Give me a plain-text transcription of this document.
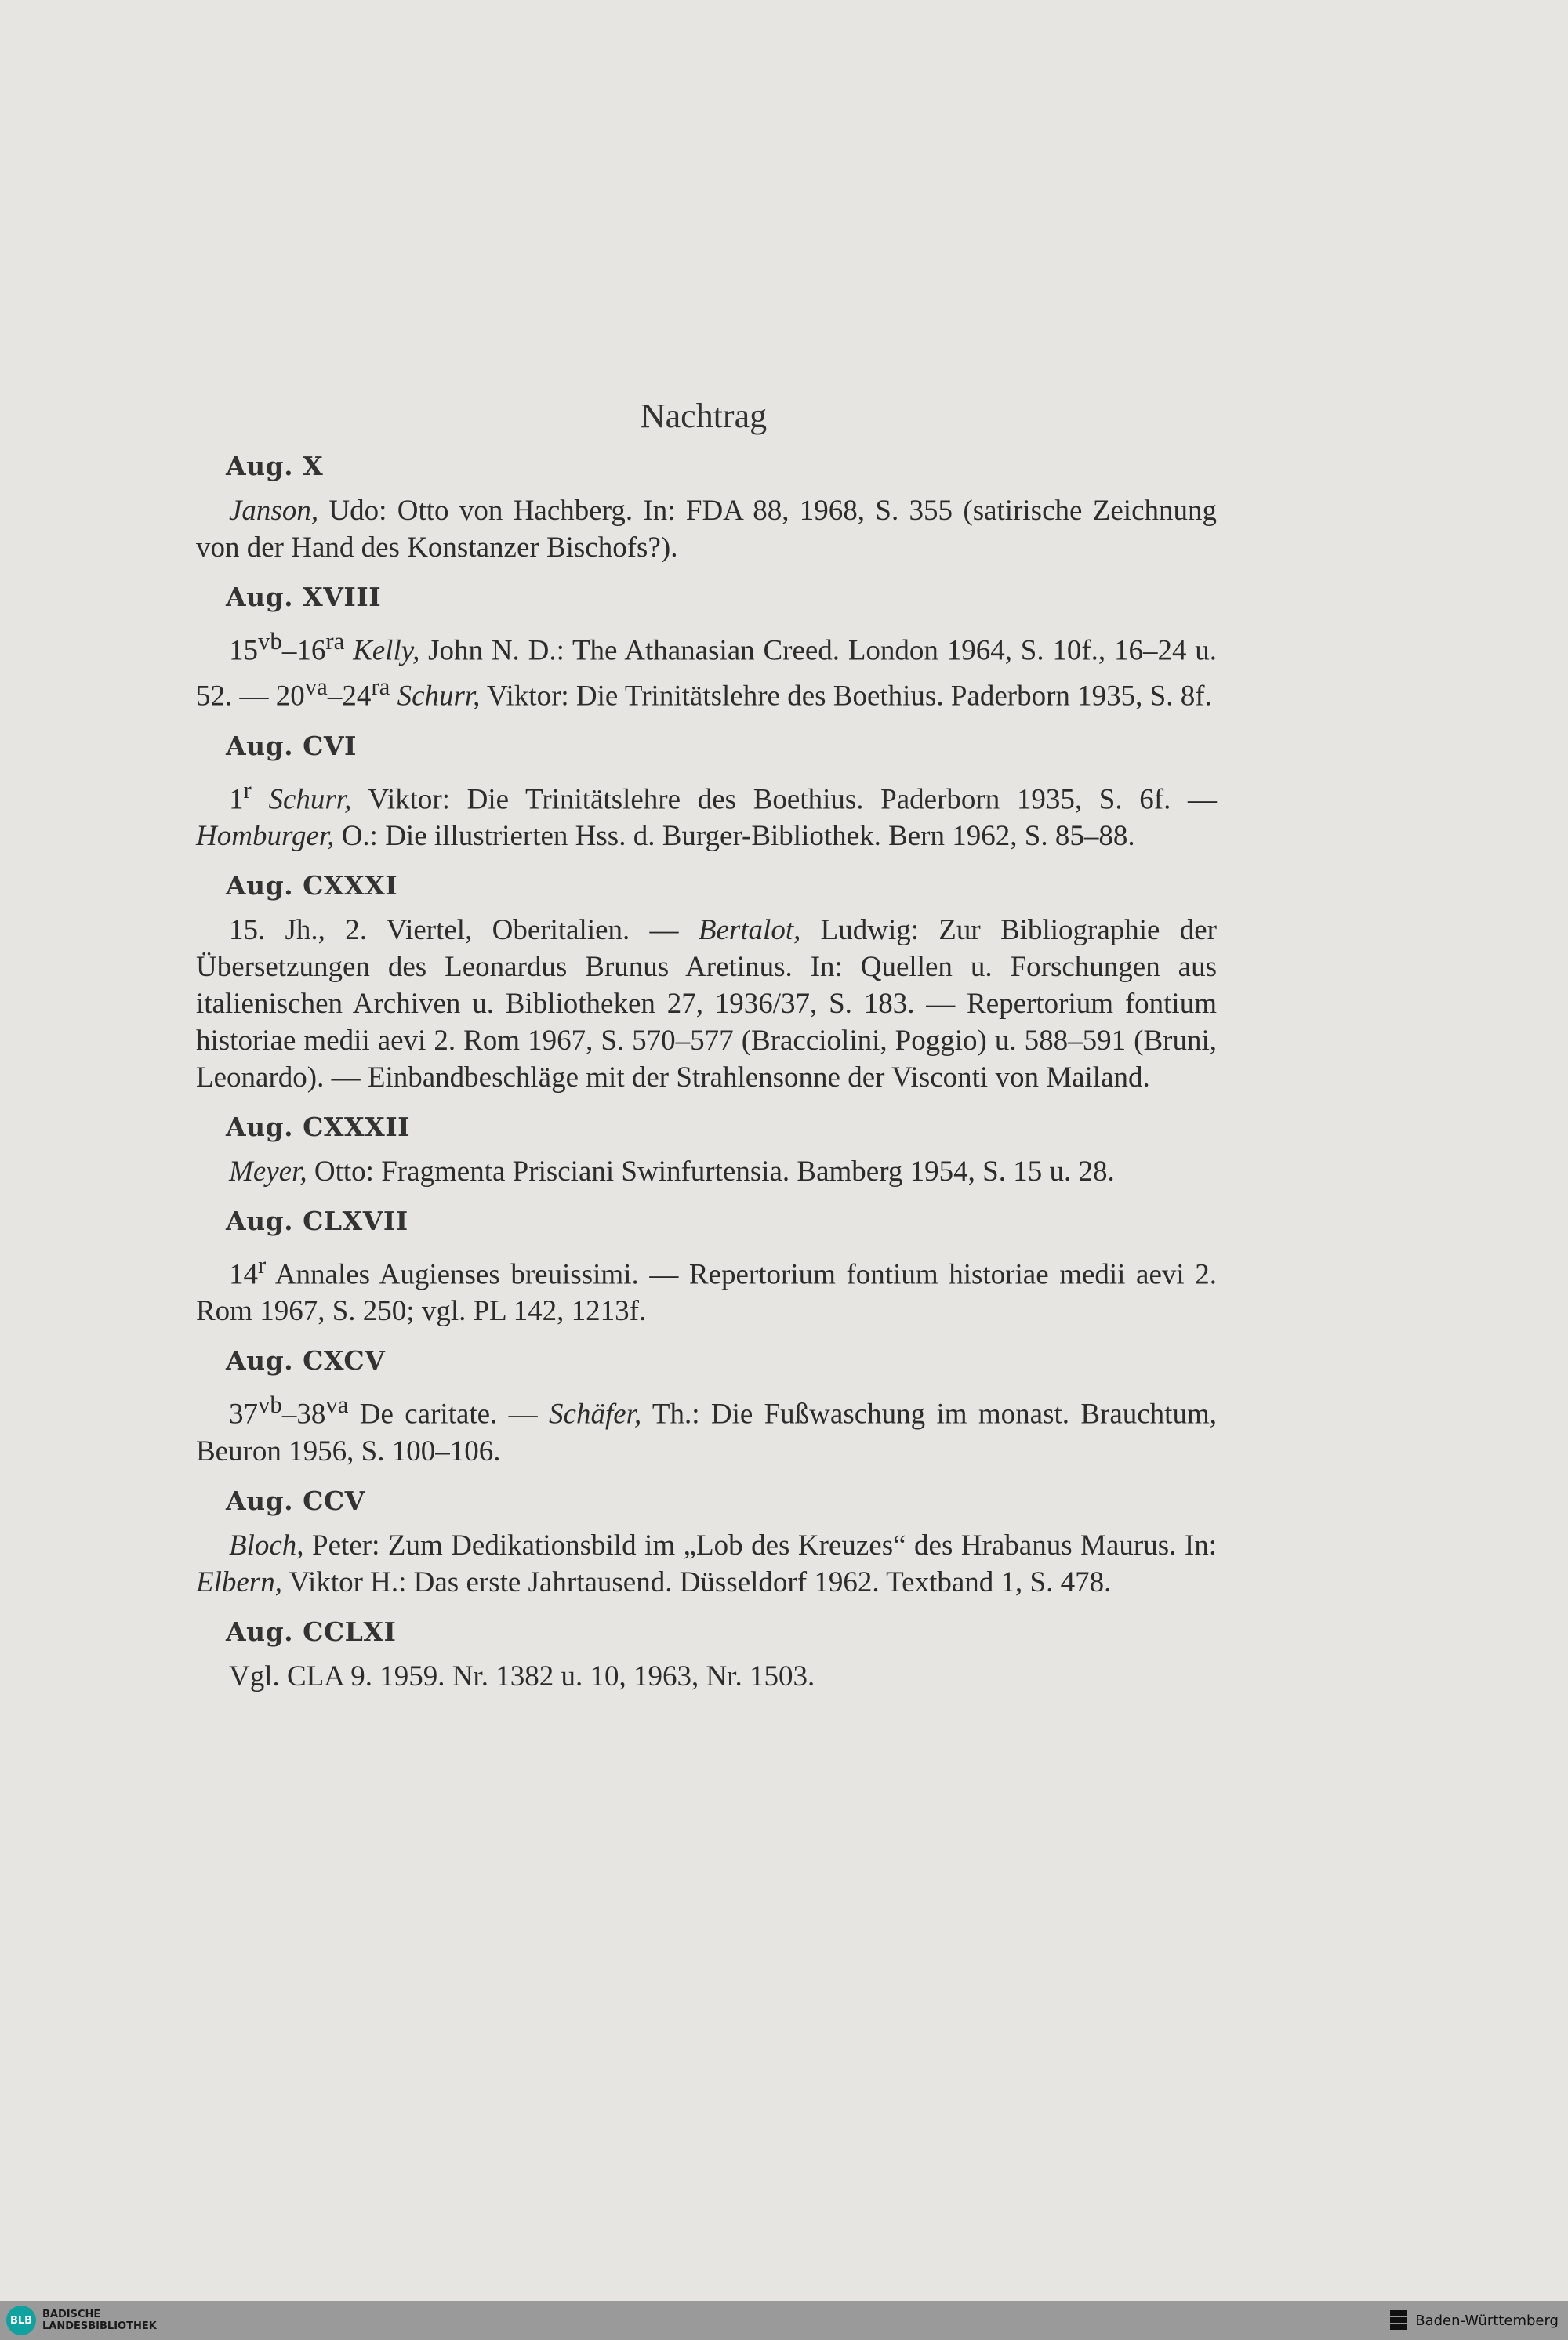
Nachtrag
Aug. X
Janson, Udo: Otto von Hachberg. In: FDA 88, 1968, S. 355 (satirische Zeichnung von der Hand des Konstanzer Bischofs?).
Aug. XVIII
$15^{vb}-16^{ra}$ Kelly, John N. D.: The Athanasian Creed. London 1964, S. 10f., 16–24 u. 52. — $20^{va}-24^{ra}$ Schurr, Viktor: Die Trinitätslehre des Boethius. Paderborn 1935, S. 8f.
Aug. CVI
1$^r$ Schurr, Viktor: Die Trinitätslehre des Boethius. Paderborn 1935, S. 6f. — Homburger, O.: Die illustrierten Hss. d. Burger-Bibliothek. Bern 1962, S. 85–88.
Aug. CXXXI
15. Jh., 2. Viertel, Oberitalien. — Bertalot, Ludwig: Zur Bibliographie der Übersetzungen des Leonardus Brunus Aretinus. In: Quellen u. Forschungen aus italienischen Archiven u. Bibliotheken 27, 1936/37, S. 183. — Repertorium fontium historiae medii aevi 2. Rom 1967, S. 570–577 (Bracciolini, Poggio) u. 588–591 (Bruni, Leonardo). — Einbandbeschläge mit der Strahlensonne der Visconti von Mailand.
Aug. CXXXII
Meyer, Otto: Fragmenta Prisciani Swinfurtensia. Bamberg 1954, S. 15 u. 28.
Aug. CLXVII
14$^r$ Annales Augienses breuissimi. — Repertorium fontium historiae medii aevi 2. Rom 1967, S. 250; vgl. PL 142, 1213f.
Aug. CXCV
$37^{vb}-38^{va}$ De caritate. — Schäfer, Th.: Die Fußwaschung im monast. Brauchtum, Beuron 1956, S. 100–106.
Aug. CCV
Bloch, Peter: Zum Dedikationsbild im „Lob des Kreuzes“ des Hrabanus Maurus. In: Elbern, Viktor H.: Das erste Jahrtausend. Düsseldorf 1962. Textband 1, S. 478.
Aug. CCLXI
Vgl. CLA 9. 1959. Nr. 1382 u. 10, 1963, Nr. 1503.
BLB BADISCHE
LANDESBIBLIOTHEK	Baden-Württemberg
